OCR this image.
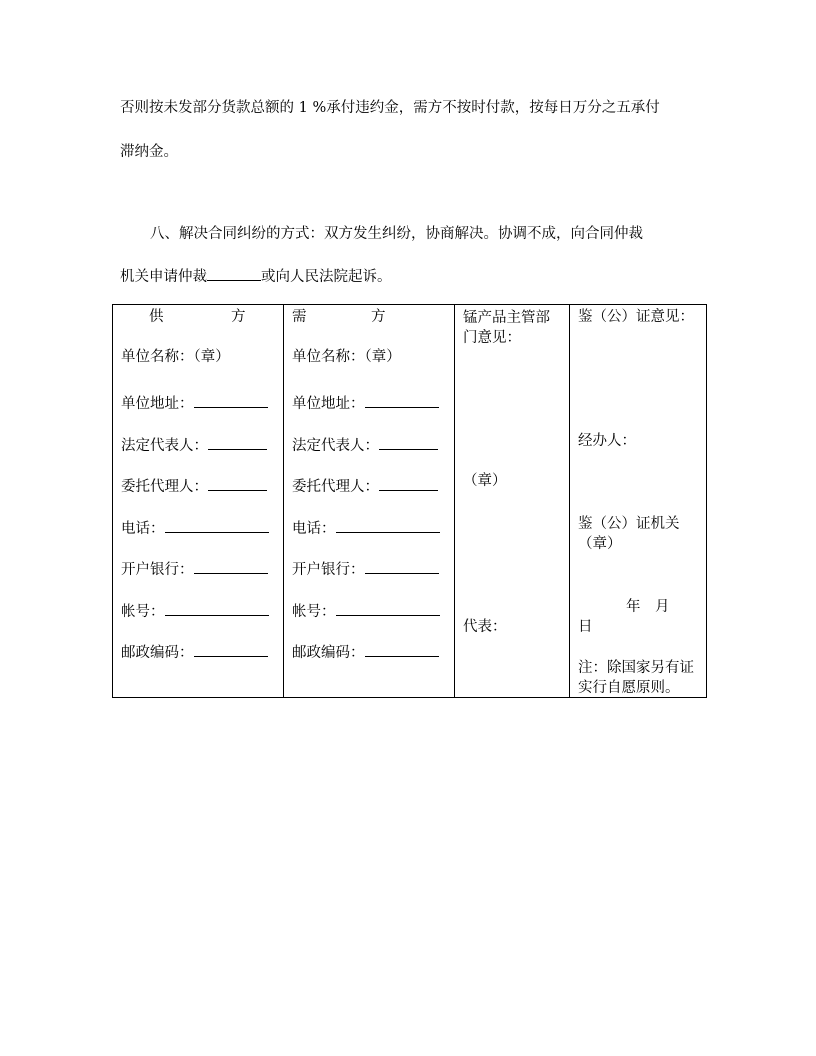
否则按未发部分货款总额的 1 %承付违约金，需方不按时付款，按每日万分之五承付
滞纳金。
八、解决合同纠纷的方式：双方发生纠纷，协商解决。协调不成，向合同仲裁
机关申请仲裁	或向人民法院起诉。
供	方
单位名称：（章）
单位地址：
法定代表人：
委托代理人：
电话：
开户银行：
帐号：
邮政编码：

需	方
单位名称：（章）
单位地址：
法定代表人：
委托代理人：
电话：
开户银行：
帐号：
邮政编码：

锰产品主管部门意见：
（章）
代表：

鉴（公）证意见：
经办人：
鉴（公）证机关（章）
年　月
日
注：除国家另有证实行自愿原则。
